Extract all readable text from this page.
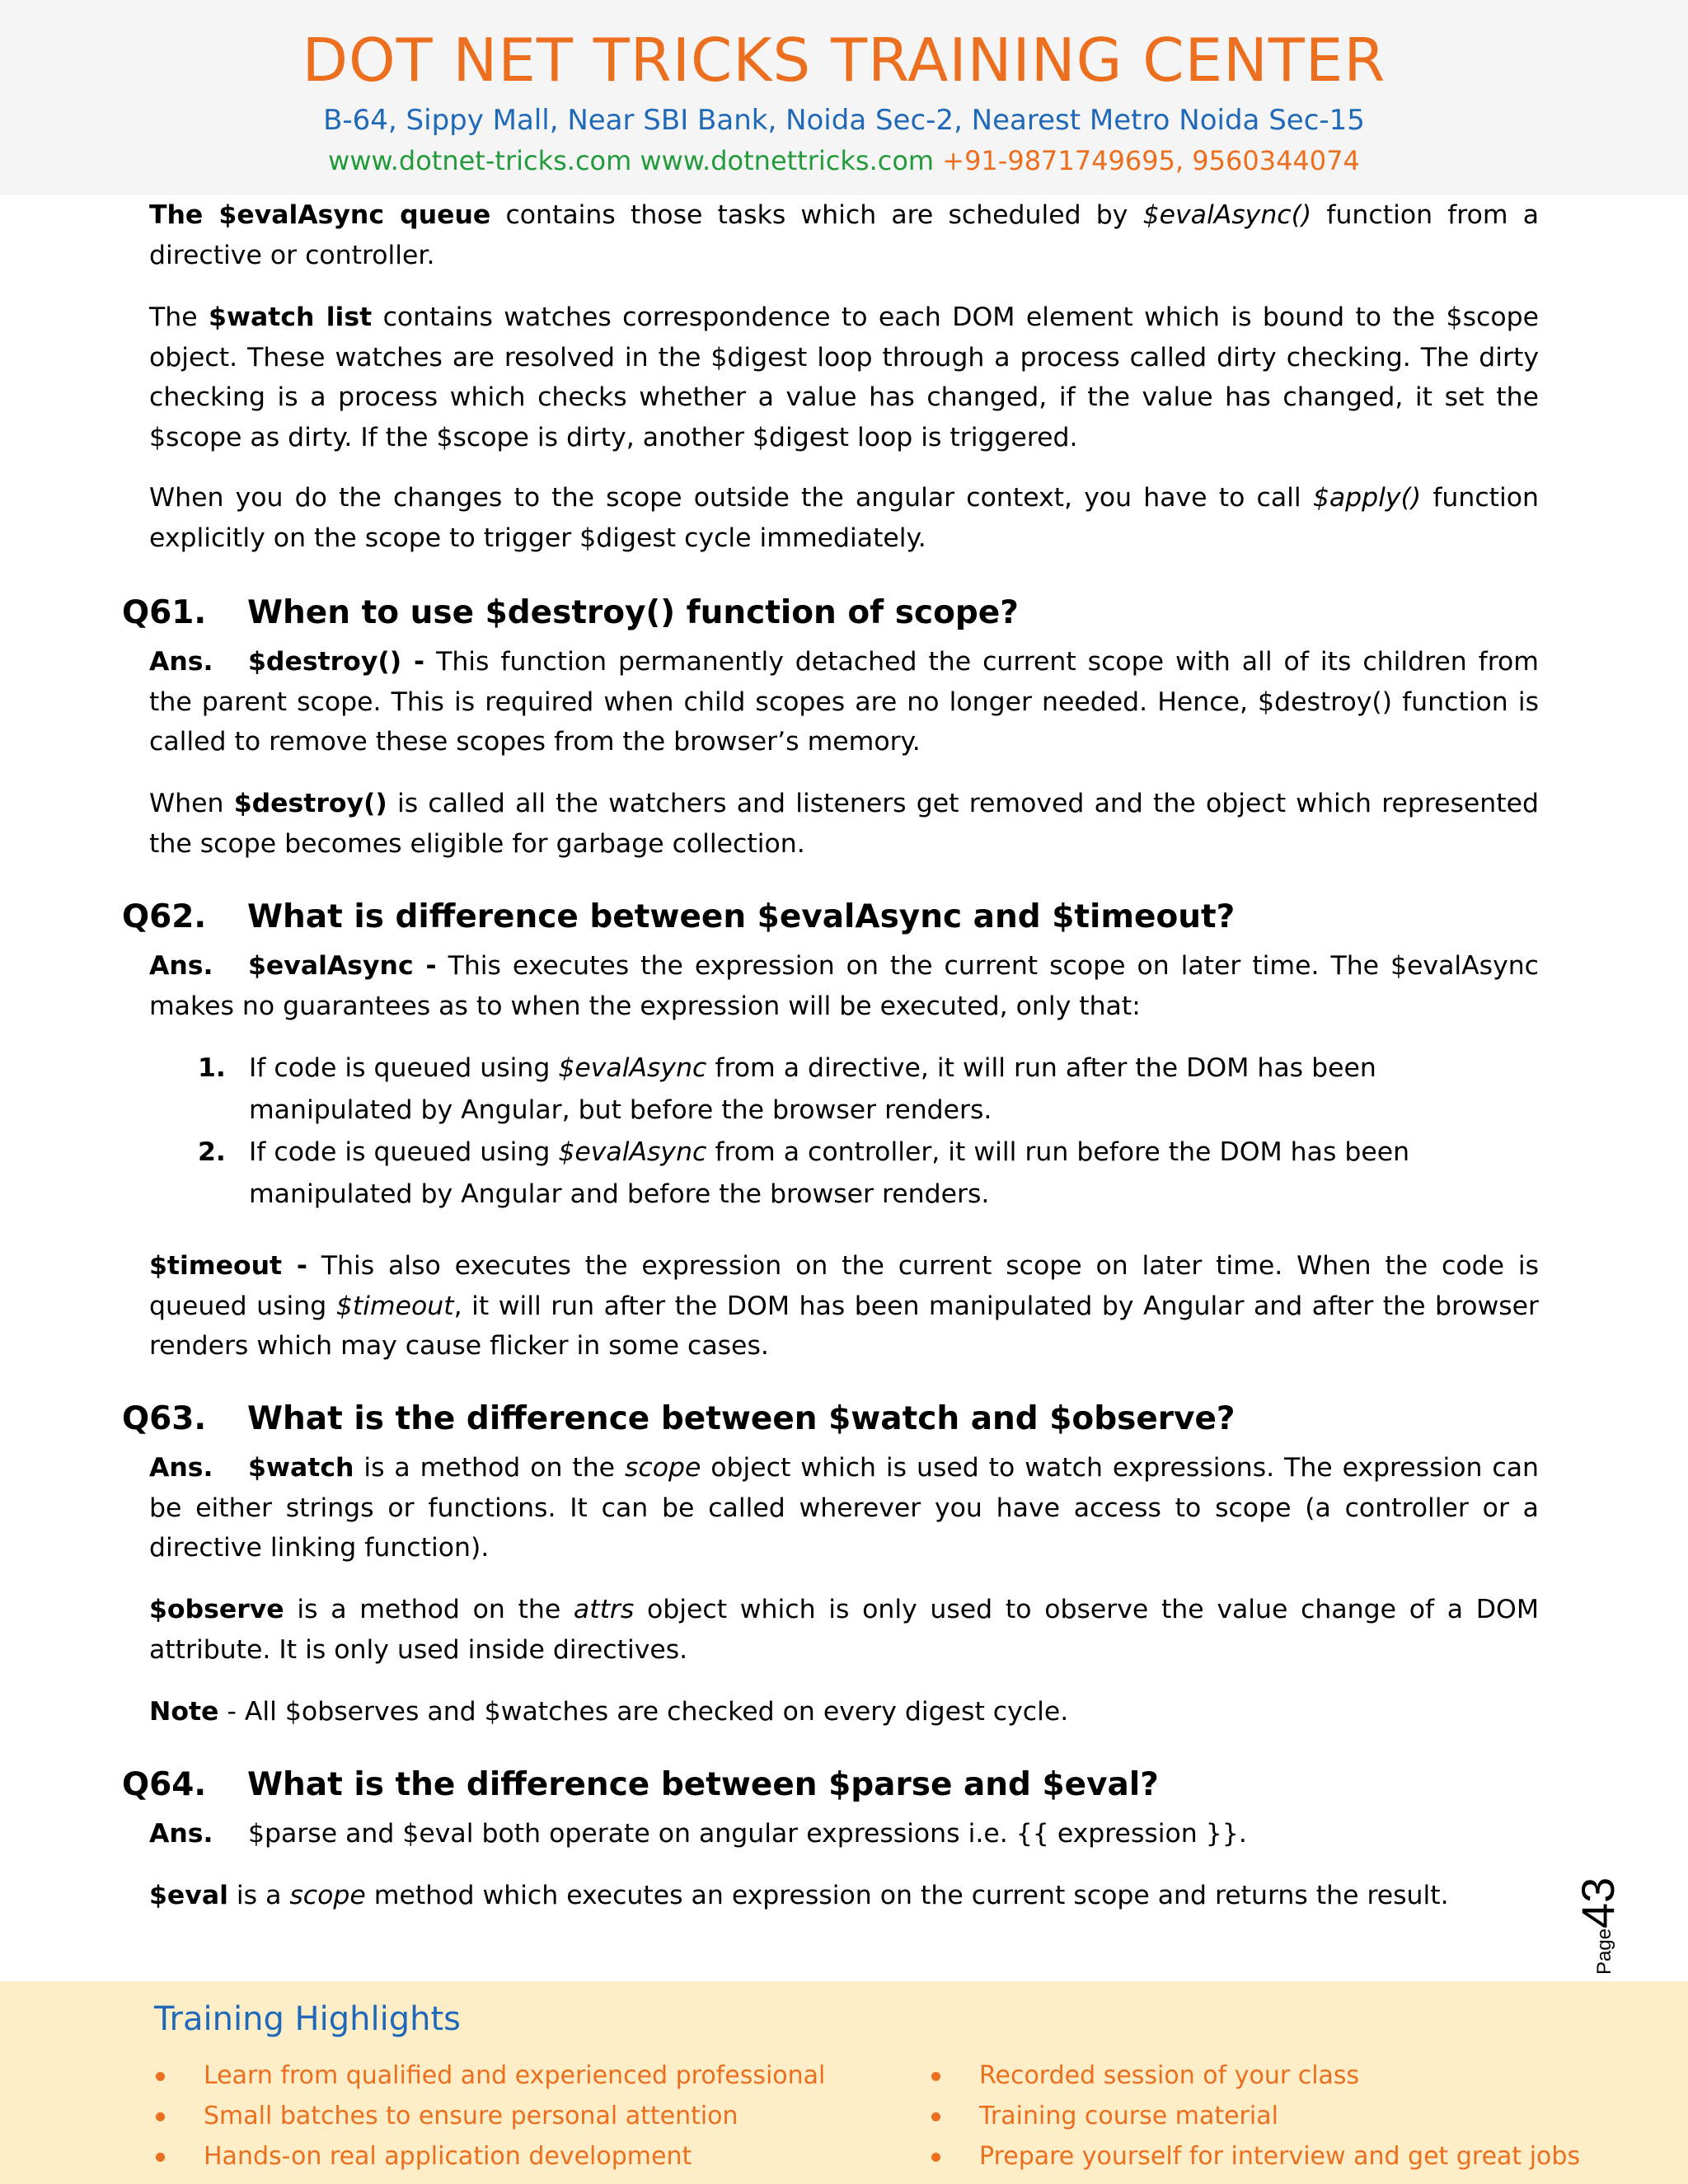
DOT NET TRICKS TRAINING CENTER
B-64, Sippy Mall, Near SBI Bank, Noida Sec-2, Nearest Metro Noida Sec-15
www.dotnet-tricks.com www.dotnettricks.com +91-9871749695, 9560344074
The $evalAsync queue contains those tasks which are scheduled by $evalAsync() function from a directive or controller.
The $watch list contains watches correspondence to each DOM element which is bound to the $scope object. These watches are resolved in the $digest loop through a process called dirty checking. The dirty checking is a process which checks whether a value has changed, if the value has changed, it set the $scope as dirty. If the $scope is dirty, another $digest loop is triggered.
When you do the changes to the scope outside the angular context, you have to call $apply() function explicitly on the scope to trigger $digest cycle immediately.
Q61. When to use $destroy() function of scope?
Ans. $destroy() - This function permanently detached the current scope with all of its children from the parent scope. This is required when child scopes are no longer needed. Hence, $destroy() function is called to remove these scopes from the browser’s memory.
When $destroy() is called all the watchers and listeners get removed and the object which represented the scope becomes eligible for garbage collection.
Q62. What is difference between $evalAsync and $timeout?
Ans. $evalAsync - This executes the expression on the current scope on later time. The $evalAsync makes no guarantees as to when the expression will be executed, only that:
1. If code is queued using $evalAsync from a directive, it will run after the DOM has been manipulated by Angular, but before the browser renders.
2. If code is queued using $evalAsync from a controller, it will run before the DOM has been manipulated by Angular and before the browser renders.
$timeout - This also executes the expression on the current scope on later time. When the code is queued using $timeout, it will run after the DOM has been manipulated by Angular and after the browser renders which may cause flicker in some cases.
Q63. What is the difference between $watch and $observe?
Ans. $watch is a method on the scope object which is used to watch expressions. The expression can be either strings or functions. It can be called wherever you have access to scope (a controller or a directive linking function).
$observe is a method on the attrs object which is only used to observe the value change of a DOM attribute. It is only used inside directives.
Note - All $observes and $watches are checked on every digest cycle.
Q64. What is the difference between $parse and $eval?
Ans. $parse and $eval both operate on angular expressions i.e. {{ expression }}.
$eval is a scope method which executes an expression on the current scope and returns the result.
Page
43
Training Highlights
Learn from qualified and experienced professional
Small batches to ensure personal attention
Hands-on real application development
Recorded session of your class
Training course material
Prepare yourself for interview and get great jobs
